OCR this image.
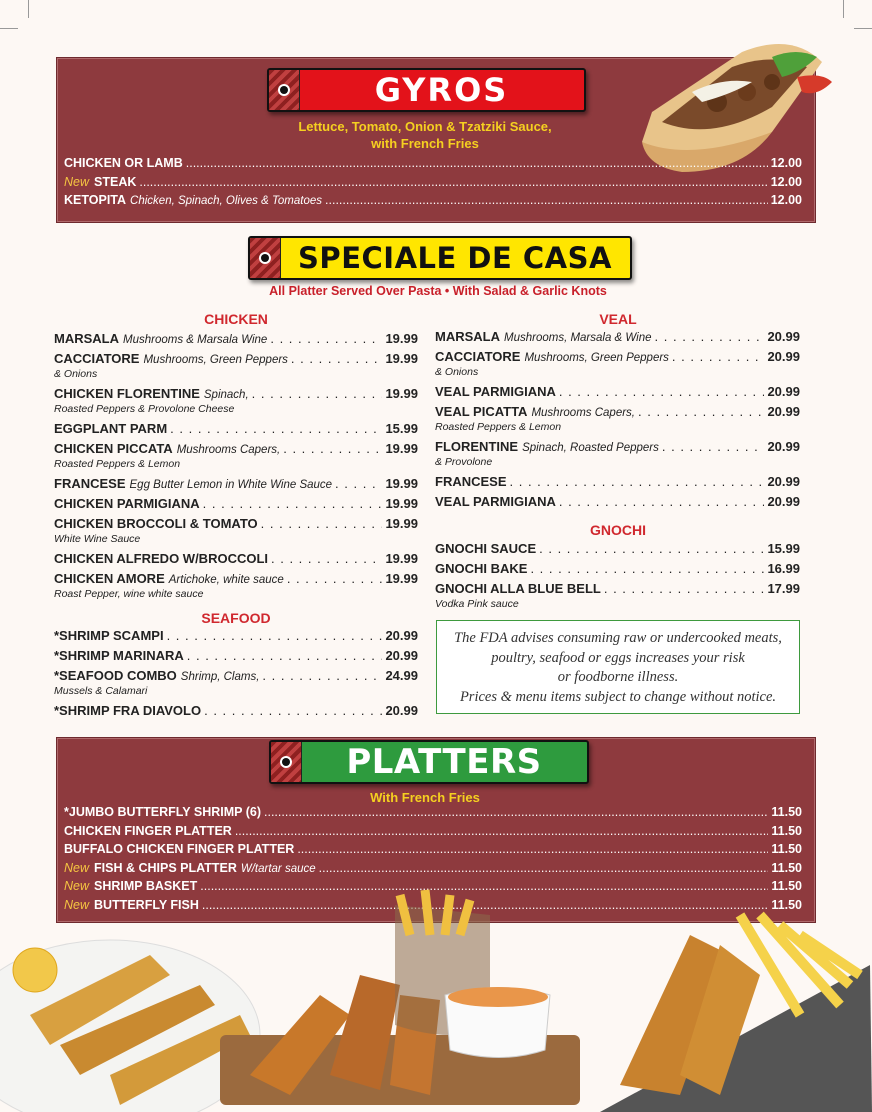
GYROS
Lettuce, Tomato, Onion & Tzatziki Sauce,
with French Fries
CHICKEN OR LAMB .....	12.00
New STEAK .....	12.00
KETOPITA Chicken, Spinach, Olives & Tomatoes .....	12.00
SPECIALE DE CASA
All Platter Served Over Pasta • With Salad & Garlic Knots
CHICKEN	VEAL
SEAFOOD
GNOCHI
MARSALA Mushrooms & Marsala Wine . . .	19.99
CACCIATORE Mushrooms, Green Peppers . . .	19.99
& Onions
CHICKEN FLORENTINE Spinach, . . .	19.99
Roasted Peppers & Provolone Cheese
EGGPLANT PARM . . .	15.99
CHICKEN PICCATA Mushrooms Capers, . . .	19.99
Roasted Peppers & Lemon
FRANCESE Egg Butter Lemon in White Wine Sauce . . .	19.99
CHICKEN PARMIGIANA . . .	19.99
CHICKEN BROCCOLI & TOMATO . . .	19.99
White Wine Sauce
CHICKEN ALFREDO W/BROCCOLI . . .	19.99
CHICKEN AMORE Artichoke, white sauce . . .	19.99
Roast Pepper, wine white sauce
MARSALA Mushrooms, Marsala & Wine . . .	20.99
CACCIATORE Mushrooms, Green Peppers . . .	20.99
& Onions
VEAL PARMIGIANA . . .	20.99
VEAL PICATTA Mushrooms Capers, . . .	20.99
Roasted Peppers & Lemon
FLORENTINE Spinach, Roasted Peppers . . .	20.99
& Provolone
FRANCESE . . .	20.99
VEAL PARMIGIANA . . .	20.99
*SHRIMP SCAMPI . . .	20.99
*SHRIMP MARINARA . . .	20.99
*SEAFOOD COMBO Shrimp, Clams, . . .	24.99
Mussels & Calamari
*SHRIMP FRA DIAVOLO . . .	20.99
GNOCHI SAUCE . . .	15.99
GNOCHI BAKE . . .	16.99
GNOCHI ALLA BLUE BELL . . .	17.99
Vodka Pink sauce
The FDA advises consuming raw or undercooked meats,
poultry, seafood or eggs increases your risk
or foodborne illness.
Prices & menu items subject to change without notice.
PLATTERS
With French Fries
*JUMBO BUTTERFLY SHRIMP (6) .....	11.50
CHICKEN FINGER PLATTER .....	11.50
BUFFALO CHICKEN FINGER PLATTER .....	11.50
New FISH & CHIPS PLATTER W/tartar sauce .....	11.50
New SHRIMP BASKET .....	11.50
New BUTTERFLY FISH .....	11.50
